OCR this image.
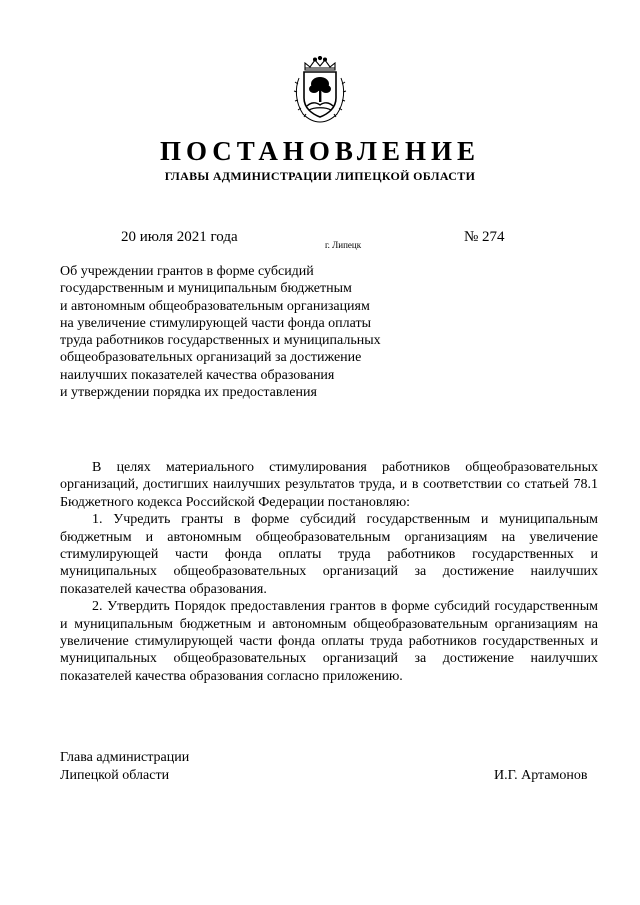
ПОСТАНОВЛЕНИЕ
ГЛАВЫ АДМИНИСТРАЦИИ ЛИПЕЦКОЙ ОБЛАСТИ
20 июля 2021 года	г. Липецк	№ 274
Об учреждении грантов в форме субсидий
государственным и муниципальным бюджетным
и автономным общеобразовательным организациям
на увеличение стимулирующей части фонда оплаты
труда работников государственных и муниципальных
общеобразовательных организаций за достижение
наилучших показателей качества образования
и утверждении порядка их предоставления

В целях материального стимулирования работников общеобразовательных организаций, достигших наилучших результатов труда, и в соответствии со статьей 78.1 Бюджетного кодекса Российской Федерации постановляю:

1. Учредить гранты в форме субсидий государственным и муниципальным бюджетным и автономным общеобразовательным организациям на увеличение стимулирующей части фонда оплаты труда работников государственных и муниципальных общеобразовательных организаций за достижение наилучших показателей качества образования.

2. Утвердить Порядок предоставления грантов в форме субсидий государственным и муниципальным бюджетным и автономным общеобразовательным организациям на увеличение стимулирующей части фонда оплаты труда работников государственных и муниципальных общеобразовательных организаций за достижение наилучших показателей качества образования согласно приложению.

Глава администрации
Липецкой области	И.Г. Артамонов
